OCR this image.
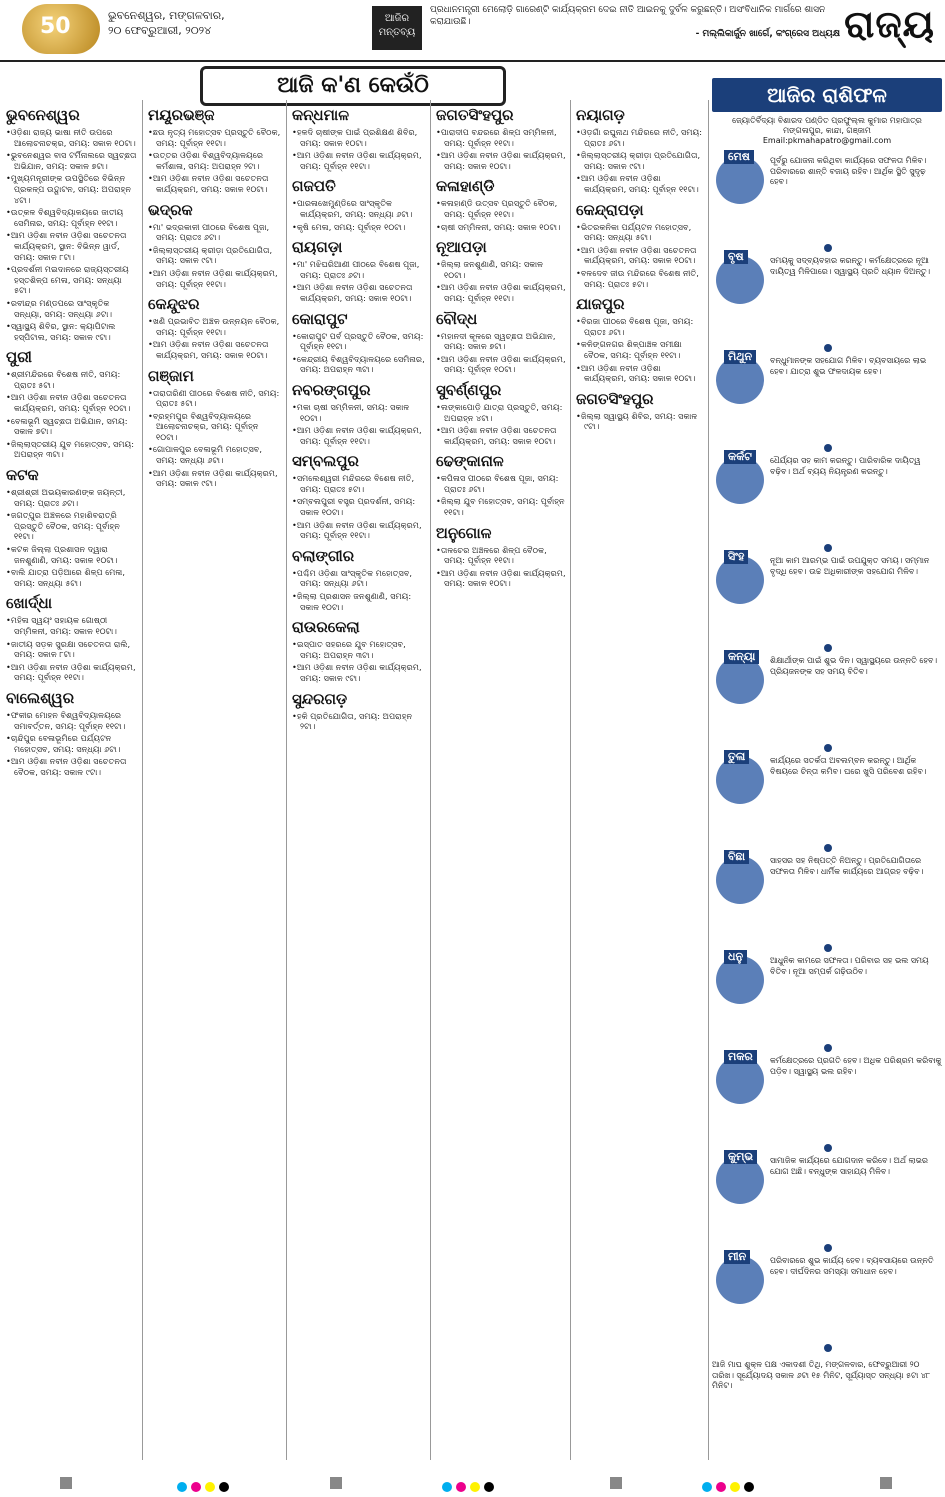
50	ଭୁବନେଶ୍ୱର, ମଙ୍ଗଳବାର,
୨୦ ଫେବ୍ରୁଆରୀ, ୨୦୨୪
ଆଜିର ମନ୍ତବ୍ୟ
ପ୍ରଧାନମନ୍ତ୍ରୀ ମେଲୋଡ଼ି ଗାରେଣ୍ଟି କାର୍ଯ୍ୟକ୍ରମ ଦେଇ ନୀତି ଆଇନକୁ ଦୁର୍ବଳ କରୁଛନ୍ତି। ଅସଂବିଧାନିକ ମାର୍ଗରେ ଶାସନ କରାଯାଉଛି।
- ମଲ୍ଲିକାର୍ଜୁନ ଖାର୍ଗେ, କଂଗ୍ରେସ ଅଧ୍ୟକ୍ଷ ରାଜ୍ୟ
ଆଜି କ'ଣ କେଉଁଠି
ଭୁବନେଶ୍ୱର
• ଓଡ଼ିଶା ରାଜ୍ୟ ଭାଷା ନୀତି ଉପରେ ଆଲୋଚନାଚକ୍ର, ସମୟ: ସକାଳ ୧୦ଟା।
• ଭୁବନେଶ୍ୱର ବାସ ଟର୍ମିନାଲରେ ସ୍ୱଚ୍ଛତା ଅଭିଯାନ, ସମୟ: ସକାଳ ୭ଟା।
• ମୁଖ୍ୟମନ୍ତ୍ରୀଙ୍କ ଉପସ୍ଥିତିରେ ବିଭିନ୍ନ ପ୍ରକଳ୍ପ ଉଦ୍ଘାଟନ, ସମୟ: ଅପରାହ୍ନ ୪ଟା।
• ଉତ୍କଳ ବିଶ୍ୱବିଦ୍ୟାଳୟରେ ଜାତୀୟ ସେମିନାର, ସମୟ: ପୂର୍ବାହ୍ନ ୧୧ଟା।
• ଆମ ଓଡ଼ିଶା ନବୀନ ଓଡ଼ିଶା ସଚେତନତା କାର୍ଯ୍ୟକ୍ରମ, ସ୍ଥାନ: ବିଭିନ୍ନ ୱାର୍ଡ, ସମୟ: ସକାଳ ୮ଟା।
• ପ୍ରଦର୍ଶନୀ ମଇଦାନରେ ରାଜ୍ୟସ୍ତରୀୟ ହସ୍ତଶିଳ୍ପ ମେଳା, ସମୟ: ସନ୍ଧ୍ୟା ୫ଟା।
• ରବୀନ୍ଦ୍ର ମଣ୍ଡପରେ ସାଂସ୍କୃତିକ ସନ୍ଧ୍ୟା, ସମୟ: ସନ୍ଧ୍ୟା ୬ଟା।
• ସ୍ୱାସ୍ଥ୍ୟ ଶିବିର, ସ୍ଥାନ: କ୍ୟାପିଟାଲ ହସ୍ପିଟାଲ, ସମୟ: ସକାଳ ୯ଟା।
ପୁରୀ
• ଶ୍ରୀମନ୍ଦିରରେ ବିଶେଷ ନୀତି, ସମୟ: ପ୍ରାତଃ ୫ଟା।
• ଆମ ଓଡ଼ିଶା ନବୀନ ଓଡ଼ିଶା ସଚେତନତା କାର୍ଯ୍ୟକ୍ରମ, ସମୟ: ପୂର୍ବାହ୍ନ ୧୦ଟା।
• ବେଳାଭୂମି ସ୍ୱଚ୍ଛତା ଅଭିଯାନ, ସମୟ: ସକାଳ ୭ଟା।
• ଜିଲ୍ଲାସ୍ତରୀୟ ଯୁବ ମହୋତ୍ସବ, ସମୟ: ଅପରାହ୍ନ ୩ଟା।
କଟକ
• ଶ୍ରୀଶ୍ରୀ ଅଭୟକାରଣଙ୍କ ଜୟନ୍ତୀ, ସମୟ: ପ୍ରାତଃ ୬ଟା।
• ଜଗତ୍‌ପୁର ଅଞ୍ଚଳରେ ମହାଶିବରାତ୍ରି ପ୍ରସ୍ତୁତି ବୈଠକ, ସମୟ: ପୂର୍ବାହ୍ନ ୧୧ଟା।
• କଟକ ଜିଲ୍ଲା ପ୍ରଶାସନ ଦ୍ୱାରା ଜନଶୁଣାଣି, ସମୟ: ସକାଳ ୧୦ଟା।
• ବାଲି ଯାତ୍ରା ପଡ଼ିଆରେ ଶିଳ୍ପ ମେଳା, ସମୟ: ସନ୍ଧ୍ୟା ୫ଟା।
ଖୋର୍ଦ୍ଧା
• ମହିଳା ସ୍ୱୟଂ ସହାୟକ ଗୋଷ୍ଠୀ ସମ୍ମିଳନୀ, ସମୟ: ସକାଳ ୧୦ଟା।
• ଜାତୀୟ ସଡ଼କ ସୁରକ୍ଷା ସଚେତନତା ରାଲି, ସମୟ: ସକାଳ ୮ଟା।
• ଆମ ଓଡ଼ିଶା ନବୀନ ଓଡ଼ିଶା କାର୍ଯ୍ୟକ୍ରମ, ସମୟ: ପୂର୍ବାହ୍ନ ୧୧ଟା।
ବାଲେଶ୍ୱର
• ଫକୀର ମୋହନ ବିଶ୍ୱବିଦ୍ୟାଳୟରେ ସମାବର୍ତ୍ତନ, ସମୟ: ପୂର୍ବାହ୍ନ ୧୧ଟା।
• ଚାନ୍ଦିପୁର ବେଳାଭୂମିରେ ପର୍ଯ୍ୟଟନ ମହୋତ୍ସବ, ସମୟ: ସନ୍ଧ୍ୟା ୬ଟା।
• ଆମ ଓଡ଼ିଶା ନବୀନ ଓଡ଼ିଶା ସଚେତନତା ବୈଠକ, ସମୟ: ସକାଳ ୯ଟା।
ମୟୂରଭଞ୍ଜ
• ଛଉ ନୃତ୍ୟ ମହୋତ୍ସବ ପ୍ରସ୍ତୁତି ବୈଠକ, ସମୟ: ପୂର୍ବାହ୍ନ ୧୧ଟା।
• ଉତ୍ତର ଓଡ଼ିଶା ବିଶ୍ୱବିଦ୍ୟାଳୟରେ କର୍ମଶାଳା, ସମୟ: ଅପରାହ୍ନ ୨ଟା।
• ଆମ ଓଡ଼ିଶା ନବୀନ ଓଡ଼ିଶା ସଚେତନତା କାର୍ଯ୍ୟକ୍ରମ, ସମୟ: ସକାଳ ୧୦ଟା।
ଭଦ୍ରକ
• ମା' ଭଦ୍ରକାଳୀ ପୀଠରେ ବିଶେଷ ପୂଜା, ସମୟ: ପ୍ରାତଃ ୬ଟା।
• ଜିଲ୍ଲାସ୍ତରୀୟ କ୍ରୀଡ଼ା ପ୍ରତିଯୋଗିତା, ସମୟ: ସକାଳ ୯ଟା।
• ଆମ ଓଡ଼ିଶା ନବୀନ ଓଡ଼ିଶା କାର୍ଯ୍ୟକ୍ରମ, ସମୟ: ପୂର୍ବାହ୍ନ ୧୧ଟା।
କେନ୍ଦୁଝର
• ଖଣି ପ୍ରଭାବିତ ଅଞ୍ଚଳ ଉନ୍ନୟନ ବୈଠକ, ସମୟ: ପୂର୍ବାହ୍ନ ୧୧ଟା।
• ଆମ ଓଡ଼ିଶା ନବୀନ ଓଡ଼ିଶା ସଚେତନତା କାର୍ଯ୍ୟକ୍ରମ, ସମୟ: ସକାଳ ୧୦ଟା।
ଗଞ୍ଜାମ
• ତାରାତାରିଣୀ ପୀଠରେ ବିଶେଷ ନୀତି, ସମୟ: ପ୍ରାତଃ ୫ଟା।
• ବ୍ରହ୍ମପୁର ବିଶ୍ୱବିଦ୍ୟାଳୟରେ ଆଲୋଚନାଚକ୍ର, ସମୟ: ପୂର୍ବାହ୍ନ ୧୦ଟା।
• ଗୋପାଳପୁର ବେଳାଭୂମି ମହୋତ୍ସବ, ସମୟ: ସନ୍ଧ୍ୟା ୬ଟା।
• ଆମ ଓଡ଼ିଶା ନବୀନ ଓଡ଼ିଶା କାର୍ଯ୍ୟକ୍ରମ, ସମୟ: ସକାଳ ୯ଟା।
କନ୍ଧମାଳ
• ହଳଦି ଚାଷୀଙ୍କ ପାଇଁ ପ୍ରଶିକ୍ଷଣ ଶିବିର, ସମୟ: ସକାଳ ୧୦ଟା।
• ଆମ ଓଡ଼ିଶା ନବୀନ ଓଡ଼ିଶା କାର୍ଯ୍ୟକ୍ରମ, ସମୟ: ପୂର୍ବାହ୍ନ ୧୧ଟା।
ଗଜପତି
• ପାରଳାଖେମୁଣ୍ଡିରେ ସାଂସ୍କୃତିକ କାର୍ଯ୍ୟକ୍ରମ, ସମୟ: ସନ୍ଧ୍ୟା ୬ଟା।
• କୃଷି ମେଳା, ସମୟ: ପୂର୍ବାହ୍ନ ୧୦ଟା।
ରାୟଗଡ଼ା
• ମା' ମଝିଘରିଆଣୀ ପୀଠରେ ବିଶେଷ ପୂଜା, ସମୟ: ପ୍ରାତଃ ୬ଟା।
• ଆମ ଓଡ଼ିଶା ନବୀନ ଓଡ଼ିଶା ସଚେତନତା କାର୍ଯ୍ୟକ୍ରମ, ସମୟ: ସକାଳ ୧୦ଟା।
କୋରାପୁଟ
• କୋରାପୁଟ ପର୍ବ ପ୍ରସ୍ତୁତି ବୈଠକ, ସମୟ: ପୂର୍ବାହ୍ନ ୧୧ଟା।
• କେନ୍ଦ୍ରୀୟ ବିଶ୍ୱବିଦ୍ୟାଳୟରେ ସେମିନାର, ସମୟ: ଅପରାହ୍ନ ୩ଟା।
ନବରଙ୍ଗପୁର
• ମକା ଚାଷୀ ସମ୍ମିଳନୀ, ସମୟ: ସକାଳ ୧୦ଟା।
• ଆମ ଓଡ଼ିଶା ନବୀନ ଓଡ଼ିଶା କାର୍ଯ୍ୟକ୍ରମ, ସମୟ: ପୂର୍ବାହ୍ନ ୧୧ଟା।
ସମ୍ବଲପୁର
• ସମଲେଶ୍ୱରୀ ମନ୍ଦିରରେ ବିଶେଷ ନୀତି, ସମୟ: ପ୍ରାତଃ ୫ଟା।
• ସମ୍ବଲପୁରୀ ବସ୍ତ୍ର ପ୍ରଦର୍ଶନୀ, ସମୟ: ସକାଳ ୧୦ଟା।
• ଆମ ଓଡ଼ିଶା ନବୀନ ଓଡ଼ିଶା କାର୍ଯ୍ୟକ୍ରମ, ସମୟ: ପୂର୍ବାହ୍ନ ୧୧ଟା।
ବଲାଙ୍ଗୀର
• ପଶ୍ଚିମ ଓଡ଼ିଶା ସାଂସ୍କୃତିକ ମହୋତ୍ସବ, ସମୟ: ସନ୍ଧ୍ୟା ୬ଟା।
• ଜିଲ୍ଲା ପ୍ରଶାସନ ଜନଶୁଣାଣି, ସମୟ: ସକାଳ ୧୦ଟା।
ରାଉରକେଲା
• ଇସ୍ପାତ ସହରରେ ଯୁବ ମହୋତ୍ସବ, ସମୟ: ଅପରାହ୍ନ ୩ଟା।
• ଆମ ଓଡ଼ିଶା ନବୀନ ଓଡ଼ିଶା କାର୍ଯ୍ୟକ୍ରମ, ସମୟ: ସକାଳ ୯ଟା।
ସୁନ୍ଦରଗଡ଼
• ହକି ପ୍ରତିଯୋଗିତା, ସମୟ: ଅପରାହ୍ନ ୨ଟା।
ଜଗତସିଂହପୁର
• ପାରାଦୀପ ବନ୍ଦରରେ ଶିଳ୍ପ ସମ୍ମିଳନୀ, ସମୟ: ପୂର୍ବାହ୍ନ ୧୧ଟା।
• ଆମ ଓଡ଼ିଶା ନବୀନ ଓଡ଼ିଶା କାର୍ଯ୍ୟକ୍ରମ, ସମୟ: ସକାଳ ୧୦ଟା।
କଳାହାଣ୍ଡି
• କଳାହାଣ୍ଡି ଉତ୍ସବ ପ୍ରସ୍ତୁତି ବୈଠକ, ସମୟ: ପୂର୍ବାହ୍ନ ୧୧ଟା।
• ଚାଷୀ ସମ୍ମିଳନୀ, ସମୟ: ସକାଳ ୧୦ଟା।
ନୂଆପଡ଼ା
• ଜିଲ୍ଲା ଜନଶୁଣାଣି, ସମୟ: ସକାଳ ୧୦ଟା।
• ଆମ ଓଡ଼ିଶା ନବୀନ ଓଡ଼ିଶା କାର୍ଯ୍ୟକ୍ରମ, ସମୟ: ପୂର୍ବାହ୍ନ ୧୧ଟା।
ବୌଦ୍ଧ
• ମହାନଦୀ କୂଳରେ ସ୍ୱଚ୍ଛତା ଅଭିଯାନ, ସମୟ: ସକାଳ ୭ଟା।
• ଆମ ଓଡ଼ିଶା ନବୀନ ଓଡ଼ିଶା କାର୍ଯ୍ୟକ୍ରମ, ସମୟ: ପୂର୍ବାହ୍ନ ୧୦ଟା।
ସୁବର୍ଣ୍ଣପୁର
• ଲଙ୍କାପୋଡ଼ି ଯାତ୍ରା ପ୍ରସ୍ତୁତି, ସମୟ: ଅପରାହ୍ନ ୪ଟା।
• ଆମ ଓଡ଼ିଶା ନବୀନ ଓଡ଼ିଶା ସଚେତନତା କାର୍ଯ୍ୟକ୍ରମ, ସମୟ: ସକାଳ ୧୦ଟା।
ଢେଙ୍କାନାଳ
• କପିଳାସ ପୀଠରେ ବିଶେଷ ପୂଜା, ସମୟ: ପ୍ରାତଃ ୬ଟା।
• ଜିଲ୍ଲା ଯୁବ ମହୋତ୍ସବ, ସମୟ: ପୂର୍ବାହ୍ନ ୧୧ଟା।
ଅନୁଗୋଳ
• ତାଳଚେର ଅଞ୍ଚଳରେ ଶିଳ୍ପ ବୈଠକ, ସମୟ: ପୂର୍ବାହ୍ନ ୧୧ଟା।
• ଆମ ଓଡ଼ିଶା ନବୀନ ଓଡ଼ିଶା କାର୍ଯ୍ୟକ୍ରମ, ସମୟ: ସକାଳ ୧୦ଟା।
ନୟାଗଡ଼
• ଓଡ଼ଗାଁ ରଘୁନାଥ ମନ୍ଦିରରେ ନୀତି, ସମୟ: ପ୍ରାତଃ ୬ଟା।
• ଜିଲ୍ଲାସ୍ତରୀୟ କ୍ରୀଡ଼ା ପ୍ରତିଯୋଗିତା, ସମୟ: ସକାଳ ୯ଟା।
• ଆମ ଓଡ଼ିଶା ନବୀନ ଓଡ଼ିଶା କାର୍ଯ୍ୟକ୍ରମ, ସମୟ: ପୂର୍ବାହ୍ନ ୧୧ଟା।
କେନ୍ଦ୍ରାପଡ଼ା
• ଭିତରକନିକା ପର୍ଯ୍ୟଟନ ମହୋତ୍ସବ, ସମୟ: ସନ୍ଧ୍ୟା ୫ଟା।
• ଆମ ଓଡ଼ିଶା ନବୀନ ଓଡ଼ିଶା ସଚେତନତା କାର୍ଯ୍ୟକ୍ରମ, ସମୟ: ସକାଳ ୧୦ଟା।
• ବଳଦେବ ଜୀଉ ମନ୍ଦିରରେ ବିଶେଷ ନୀତି, ସମୟ: ପ୍ରାତଃ ୫ଟା।
ଯାଜପୁର
• ବିରଜା ପୀଠରେ ବିଶେଷ ପୂଜା, ସମୟ: ପ୍ରାତଃ ୬ଟା।
• କଳିଙ୍ଗନଗର ଶିଳ୍ପାଞ୍ଚଳ ସମୀକ୍ଷା ବୈଠକ, ସମୟ: ପୂର୍ବାହ୍ନ ୧୧ଟା।
• ଆମ ଓଡ଼ିଶା ନବୀନ ଓଡ଼ିଶା କାର୍ଯ୍ୟକ୍ରମ, ସମୟ: ସକାଳ ୧୦ଟା।
ଜଗତସିଂହପୁର
• ଜିଲ୍ଲା ସ୍ୱାସ୍ଥ୍ୟ ଶିବିର, ସମୟ: ସକାଳ ୯ଟା।
ଆଜିର ରାଶିଫଳ
ଜ୍ୟୋତିର୍ବିଦ୍ୟା ବିଶାରଦ ପଣ୍ଡିତ ପ୍ରଫୁଲ୍ଲ କୁମାର ମହାପାତ୍ର
ମଙ୍ଗଳାପୁର, କାନ୍ଦା, ଗଞ୍ଜାମ
Email:pkmahapatro@gmail.com
ମେଷ	ପୂର୍ବରୁ ଯୋଜନା କରିଥିବା କାର୍ଯ୍ୟରେ ସଫଳତା ମିଳିବ। ପରିବାରରେ ଶାନ୍ତି ବଜାୟ ରହିବ। ଆର୍ଥିକ ସ୍ଥିତି ସୁଦୃଢ଼ ହେବ।
ବୃଷ	ସମୟକୁ ସଦ୍‌ବ୍ୟବହାର କରନ୍ତୁ। କର୍ମକ୍ଷେତ୍ରରେ ନୂଆ ଦାୟିତ୍ୱ ମିଳିପାରେ। ସ୍ୱାସ୍ଥ୍ୟ ପ୍ରତି ଧ୍ୟାନ ଦିଅନ୍ତୁ।
ମିଥୁନ	ବନ୍ଧୁମାନଙ୍କ ସହଯୋଗ ମିଳିବ। ବ୍ୟବସାୟରେ ଲାଭ ହେବ। ଯାତ୍ରା ଶୁଭ ଫଳଦାୟକ ହେବ।
କର୍କଟ	ଧୈର୍ଯ୍ୟର ସହ କାମ କରନ୍ତୁ। ପାରିବାରିକ ଦାୟିତ୍ୱ ବଢ଼ିବ। ଅର୍ଥ ବ୍ୟୟ ନିୟନ୍ତ୍ରଣ କରନ୍ତୁ।
ସିଂହ	ନୂଆ କାମ ଆରମ୍ଭ ପାଇଁ ଉପଯୁକ୍ତ ସମୟ। ସମ୍ମାନ ବୃଦ୍ଧି ହେବ। ଉଚ୍ଚ ଅଧିକାରୀଙ୍କ ସହଯୋଗ ମିଳିବ।
କନ୍ୟା	ଶିକ୍ଷାର୍ଥୀଙ୍କ ପାଇଁ ଶୁଭ ଦିନ। ସ୍ୱାସ୍ଥ୍ୟରେ ଉନ୍ନତି ହେବ। ପ୍ରିୟଜନଙ୍କ ସହ ସମୟ ବିତିବ।
ତୁଳା	କାର୍ଯ୍ୟରେ ସତର୍କତା ଅବଲମ୍ବନ କରନ୍ତୁ। ଆର୍ଥିକ ବିଷୟରେ ଚିନ୍ତା କମିବ। ଘରେ ଖୁସି ପରିବେଶ ରହିବ।
ବିଛା	ସାହସର ସହ ନିଷ୍ପତ୍ତି ନିଅନ୍ତୁ। ପ୍ରତିଯୋଗିତାରେ ସଫଳତା ମିଳିବ। ଧାର୍ମିକ କାର୍ଯ୍ୟରେ ଆଗ୍ରହ ବଢ଼ିବ।
ଧନୁ	ଆଧୁନିକ କାମରେ ସଫଳତା। ପରିବାର ସହ ଭଲ ସମୟ ବିତିବ। ନୂଆ ସମ୍ପର୍କ ଗଢ଼ିଉଠିବ।
ମକର	କର୍ମକ୍ଷେତ୍ରରେ ପ୍ରଗତି ହେବ। ଅଧିକ ପରିଶ୍ରମ କରିବାକୁ ପଡ଼ିବ। ସ୍ୱାସ୍ଥ୍ୟ ଭଲ ରହିବ।
କୁମ୍ଭ	ସାମାଜିକ କାର୍ଯ୍ୟରେ ଯୋଗଦାନ କରିବେ। ଅର୍ଥ ଲାଭର ଯୋଗ ଅଛି। ବନ୍ଧୁଙ୍କ ସାହାଯ୍ୟ ମିଳିବ।
ମୀନ	ପରିବାରରେ ଶୁଭ କାର୍ଯ୍ୟ ହେବ। ବ୍ୟବସାୟରେ ଉନ୍ନତି ହେବ। ଦୀର୍ଘଦିନର ସମସ୍ୟା ସମାଧାନ ହେବ।
ଆଜି ମାଘ ଶୁକ୍ଳ ପକ୍ଷ ଏକାଦଶୀ ତିଥି, ମଙ୍ଗଳବାର, ଫେବ୍ରୁଆରୀ ୨୦ ତାରିଖ। ସୂର୍ଯ୍ୟୋଦୟ ସକାଳ ୬ଟା ୧୫ ମିନିଟ, ସୂର୍ଯ୍ୟାସ୍ତ ସନ୍ଧ୍ୟା ୫ଟା ୪୮ ମିନିଟ।
